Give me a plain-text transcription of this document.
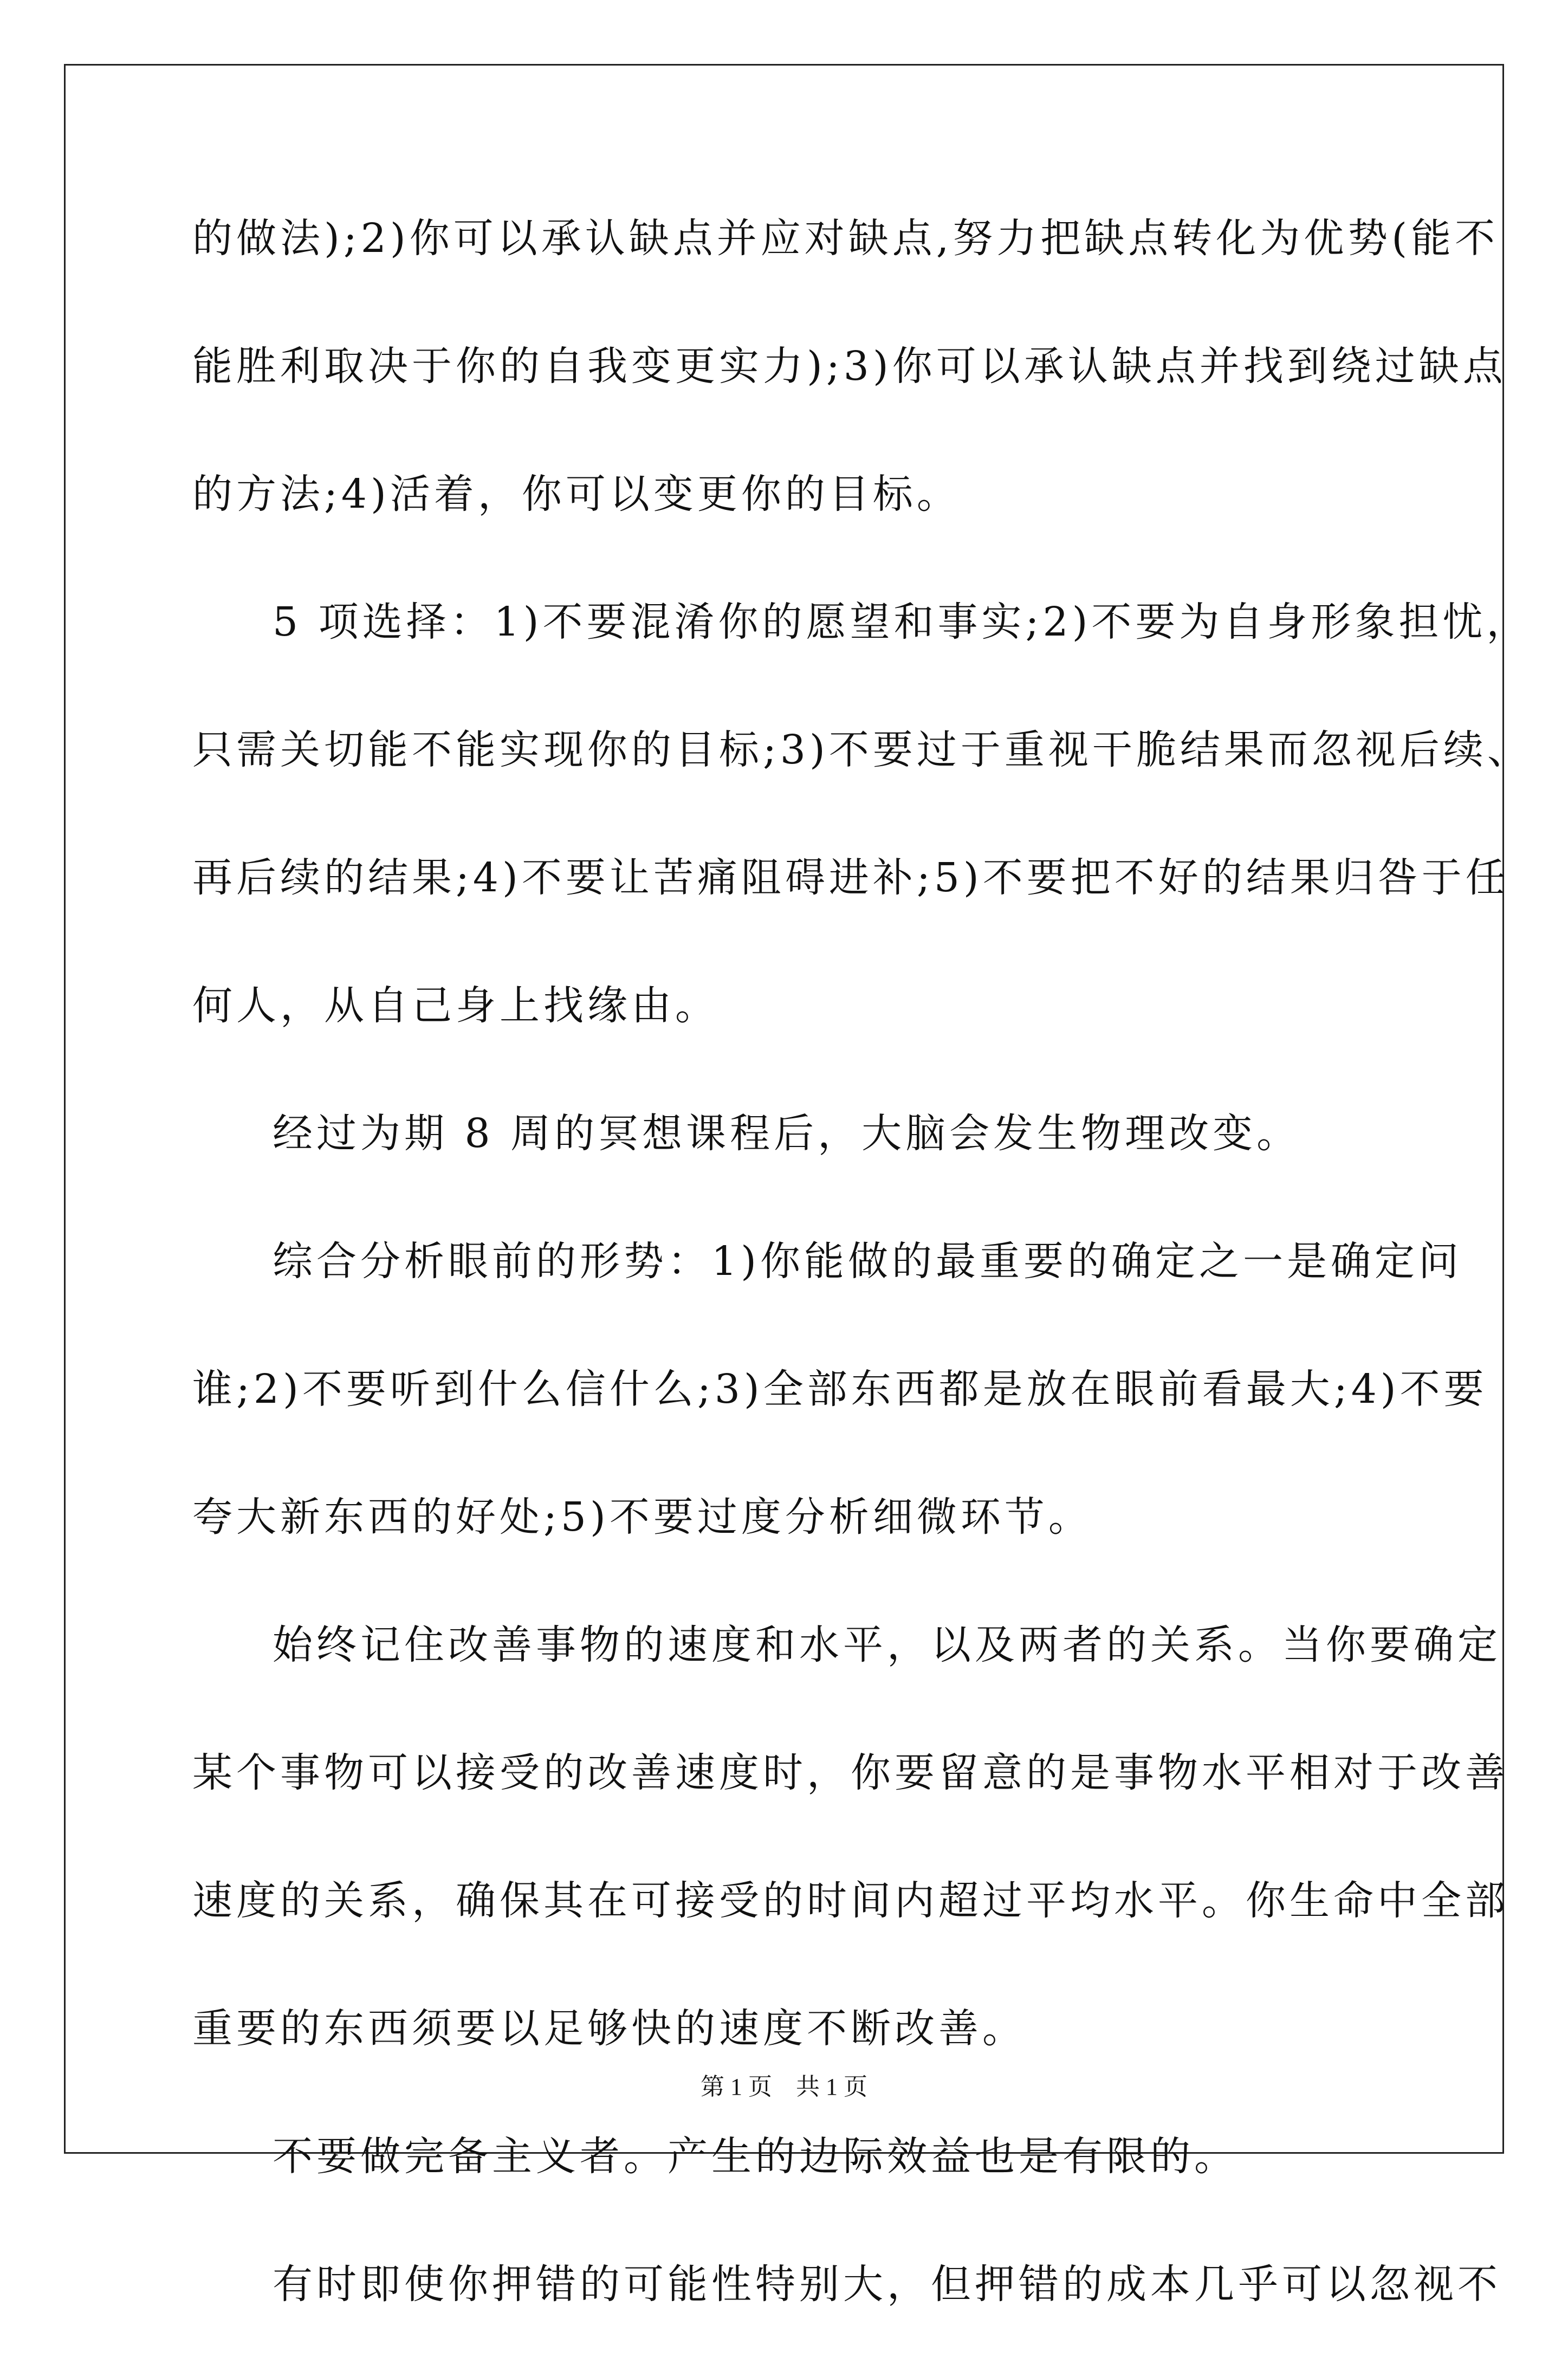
的做法);2)你可以承认缺点并应对缺点,努力把缺点转化为优势(能不
能胜利取决于你的自我变更实力);3)你可以承认缺点并找到绕过缺点
的方法;4)活着，你可以变更你的目标。
5 项选择：1)不要混淆你的愿望和事实;2)不要为自身形象担忧，
只需关切能不能实现你的目标;3)不要过于重视干脆结果而忽视后续、
再后续的结果;4)不要让苦痛阻碍进补;5)不要把不好的结果归咎于任
何人，从自己身上找缘由。
经过为期 8 周的冥想课程后，大脑会发生物理改变。
综合分析眼前的形势：1)你能做的最重要的确定之一是确定问
谁;2)不要听到什么信什么;3)全部东西都是放在眼前看最大;4)不要
夸大新东西的好处;5)不要过度分析细微环节。
始终记住改善事物的速度和水平，以及两者的关系。当你要确定
某个事物可以接受的改善速度时，你要留意的是事物水平相对于改善
速度的关系，确保其在可接受的时间内超过平均水平。你生命中全部
重要的东西须要以足够快的速度不断改善。
不要做完备主义者。产生的边际效益也是有限的。
有时即使你押错的可能性特别大，但押错的成本几乎可以忽视不
第 1 页　共 1 页
